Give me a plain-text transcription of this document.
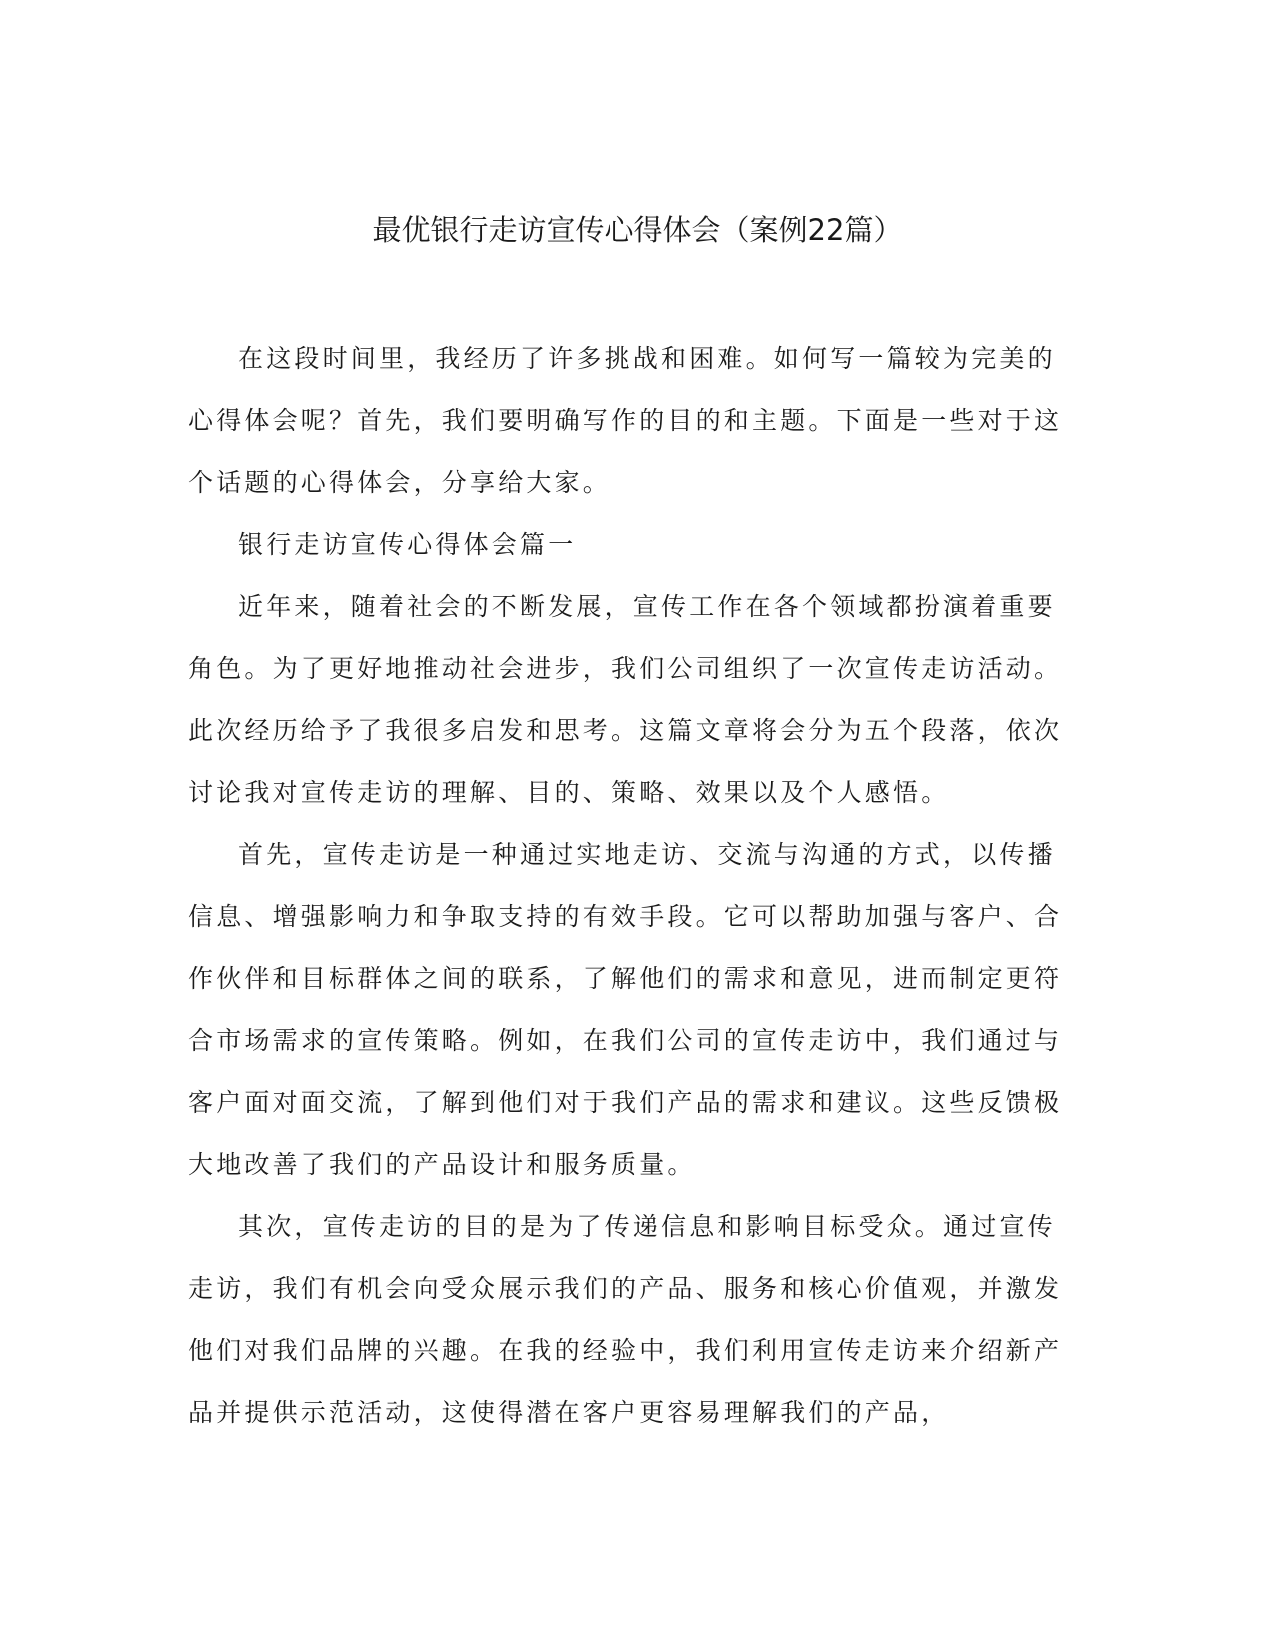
最优银行走访宣传心得体会（案例22篇）

在这段时间里，我经历了许多挑战和困难。如何写一篇较为完美的心得体会呢？首先，我们要明确写作的目的和主题。下面是一些对于这个话题的心得体会，分享给大家。

银行走访宣传心得体会篇一

近年来，随着社会的不断发展，宣传工作在各个领域都扮演着重要角色。为了更好地推动社会进步，我们公司组织了一次宣传走访活动。此次经历给予了我很多启发和思考。这篇文章将会分为五个段落，依次讨论我对宣传走访的理解、目的、策略、效果以及个人感悟。

首先，宣传走访是一种通过实地走访、交流与沟通的方式，以传播信息、增强影响力和争取支持的有效手段。它可以帮助加强与客户、合作伙伴和目标群体之间的联系，了解他们的需求和意见，进而制定更符合市场需求的宣传策略。例如，在我们公司的宣传走访中，我们通过与客户面对面交流，了解到他们对于我们产品的需求和建议。这些反馈极大地改善了我们的产品设计和服务质量。

其次，宣传走访的目的是为了传递信息和影响目标受众。通过宣传走访，我们有机会向受众展示我们的产品、服务和核心价值观，并激发他们对我们品牌的兴趣。在我的经验中，我们利用宣传走访来介绍新产品并提供示范活动，这使得潜在客户更容易理解我们的产品，
